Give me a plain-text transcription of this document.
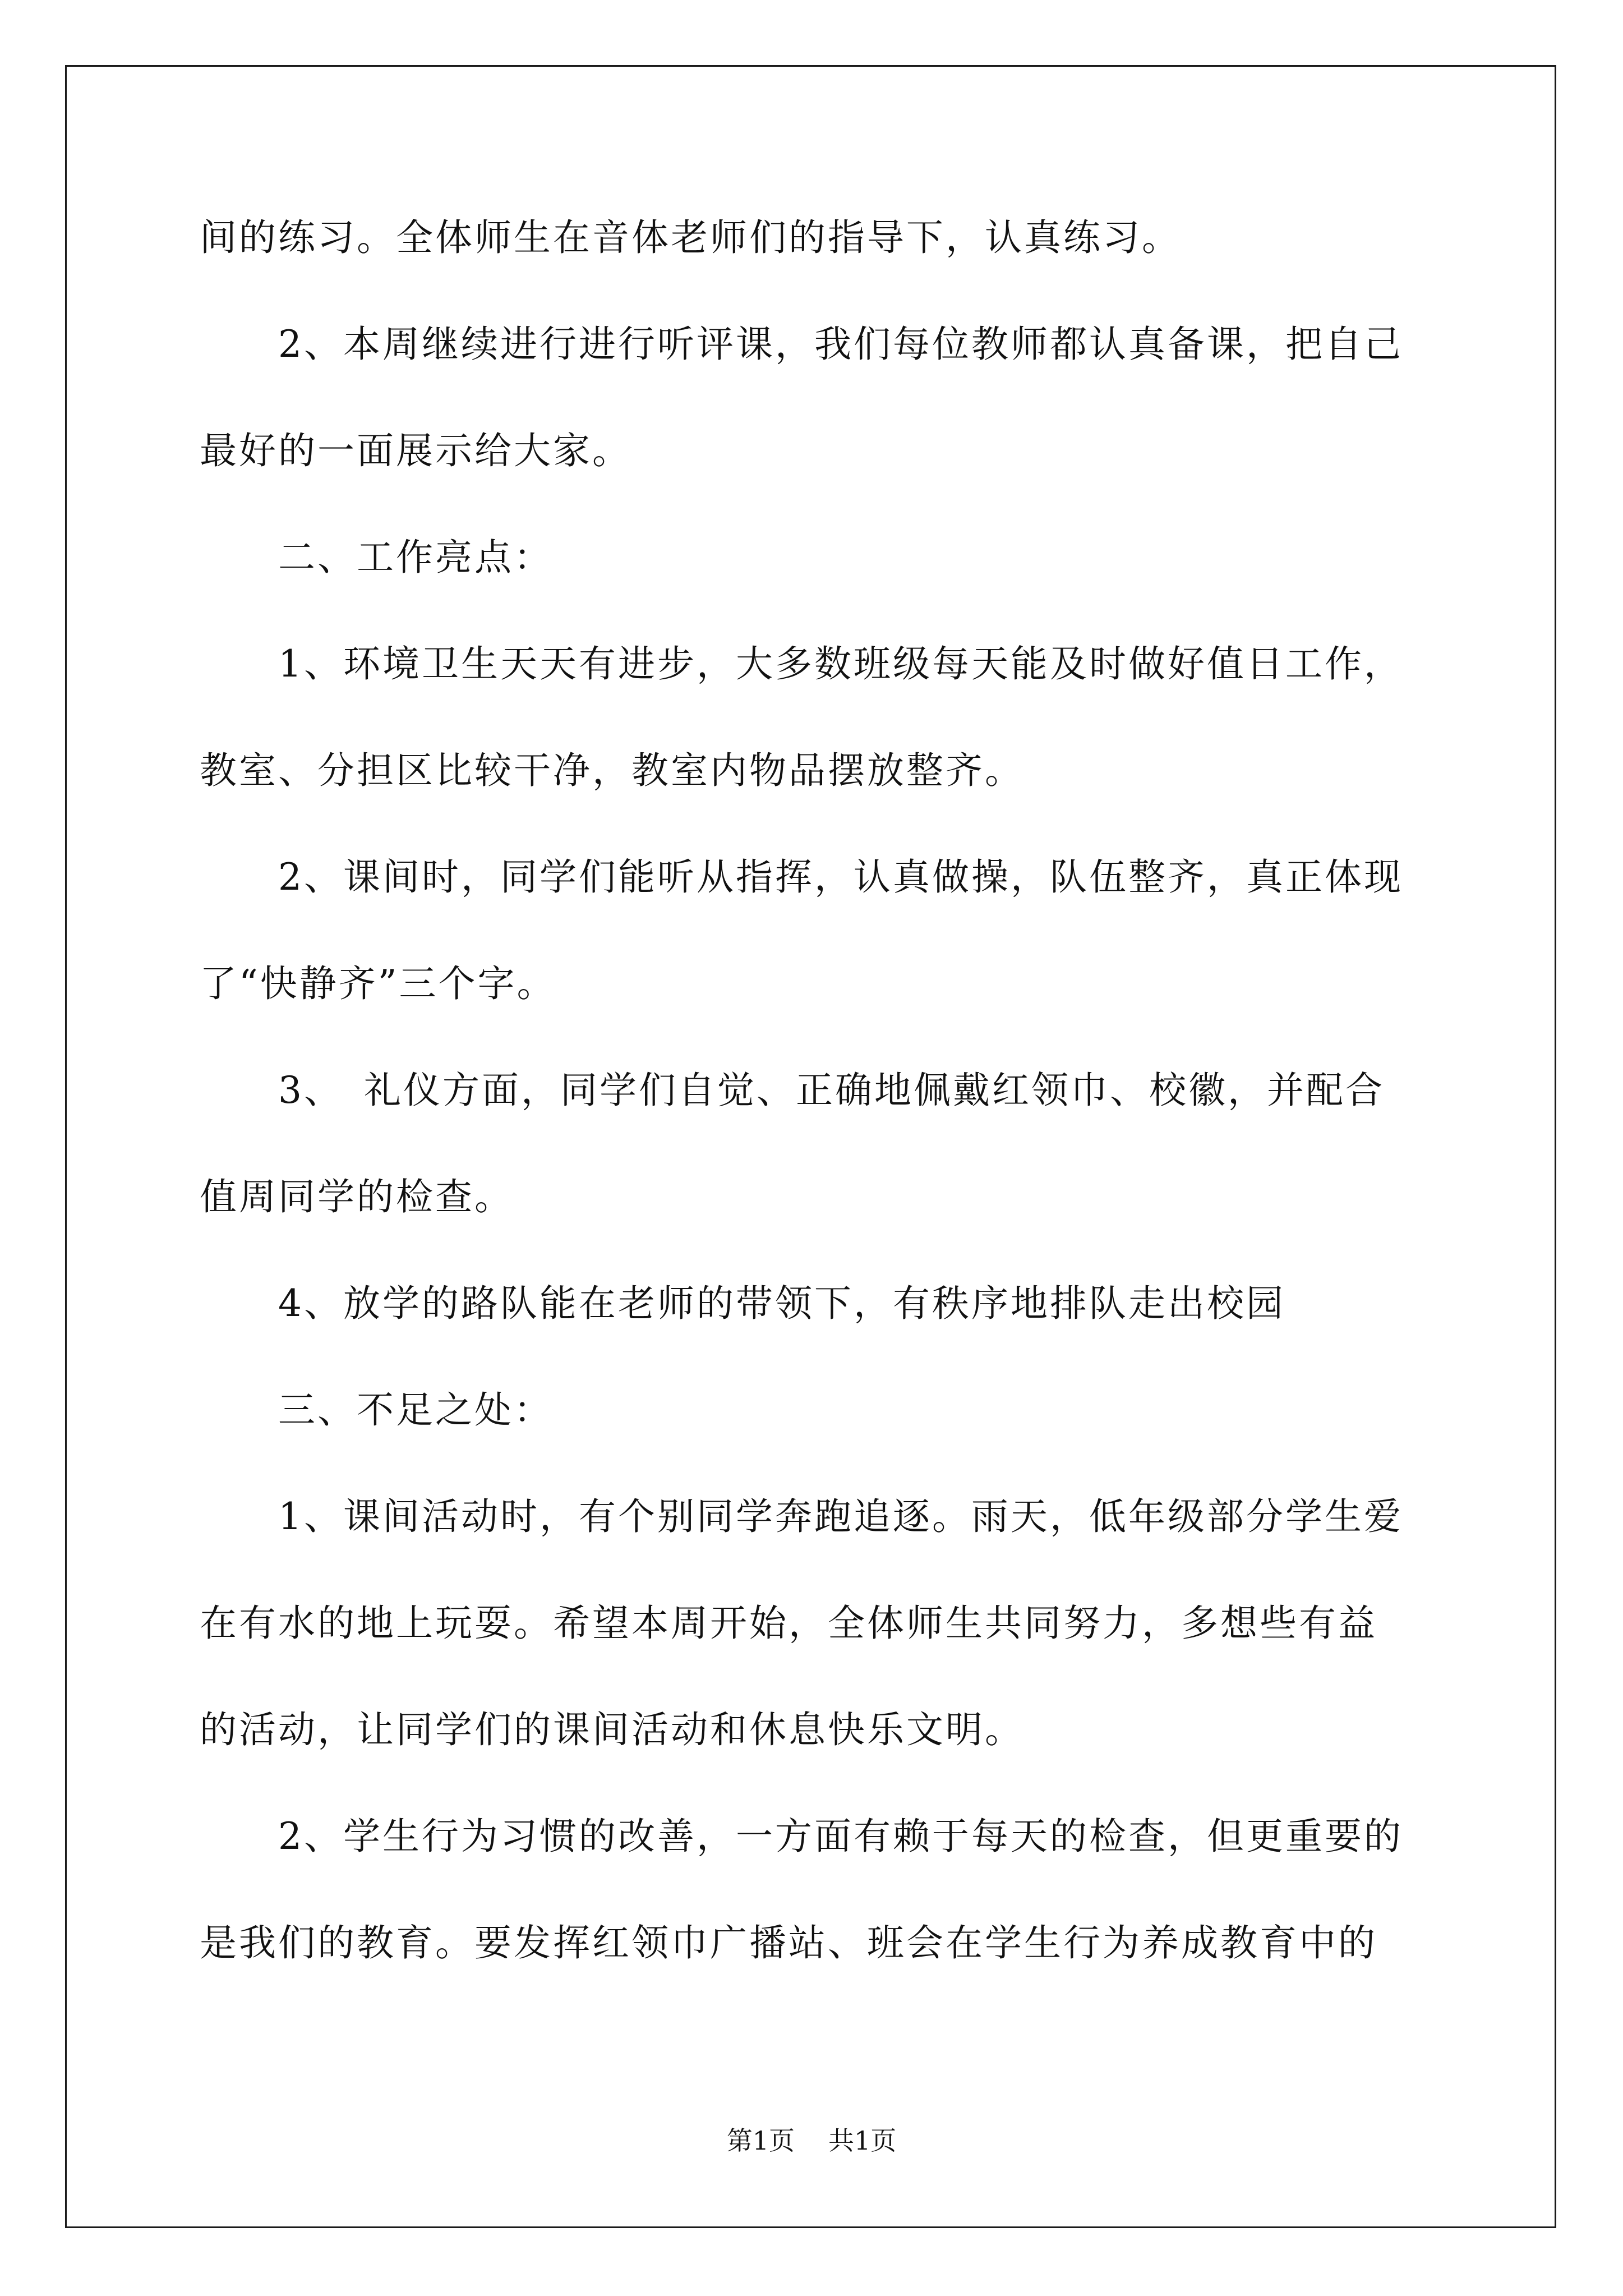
间的练习。全体师生在音体老师们的指导下，认真练习。
2、本周继续进行进行听评课，我们每位教师都认真备课，把自己
最好的一面展示给大家。
二、工作亮点：
1、环境卫生天天有进步，大多数班级每天能及时做好值日工作，
教室、分担区比较干净，教室内物品摆放整齐。
2、课间时，同学们能听从指挥，认真做操，队伍整齐，真正体现
了“快静齐”三个字。
3、　礼仪方面，同学们自觉、正确地佩戴红领巾、校徽，并配合
值周同学的检查。
4、放学的路队能在老师的带领下，有秩序地排队走出校园
三、不足之处：
1、课间活动时，有个别同学奔跑追逐。雨天，低年级部分学生爱
在有水的地上玩耍。希望本周开始，全体师生共同努力，多想些有益
的活动，让同学们的课间活动和休息快乐文明。
2、学生行为习惯的改善，一方面有赖于每天的检查，但更重要的
是我们的教育。要发挥红领巾广播站、班会在学生行为养成教育中的
第1页 共1页
